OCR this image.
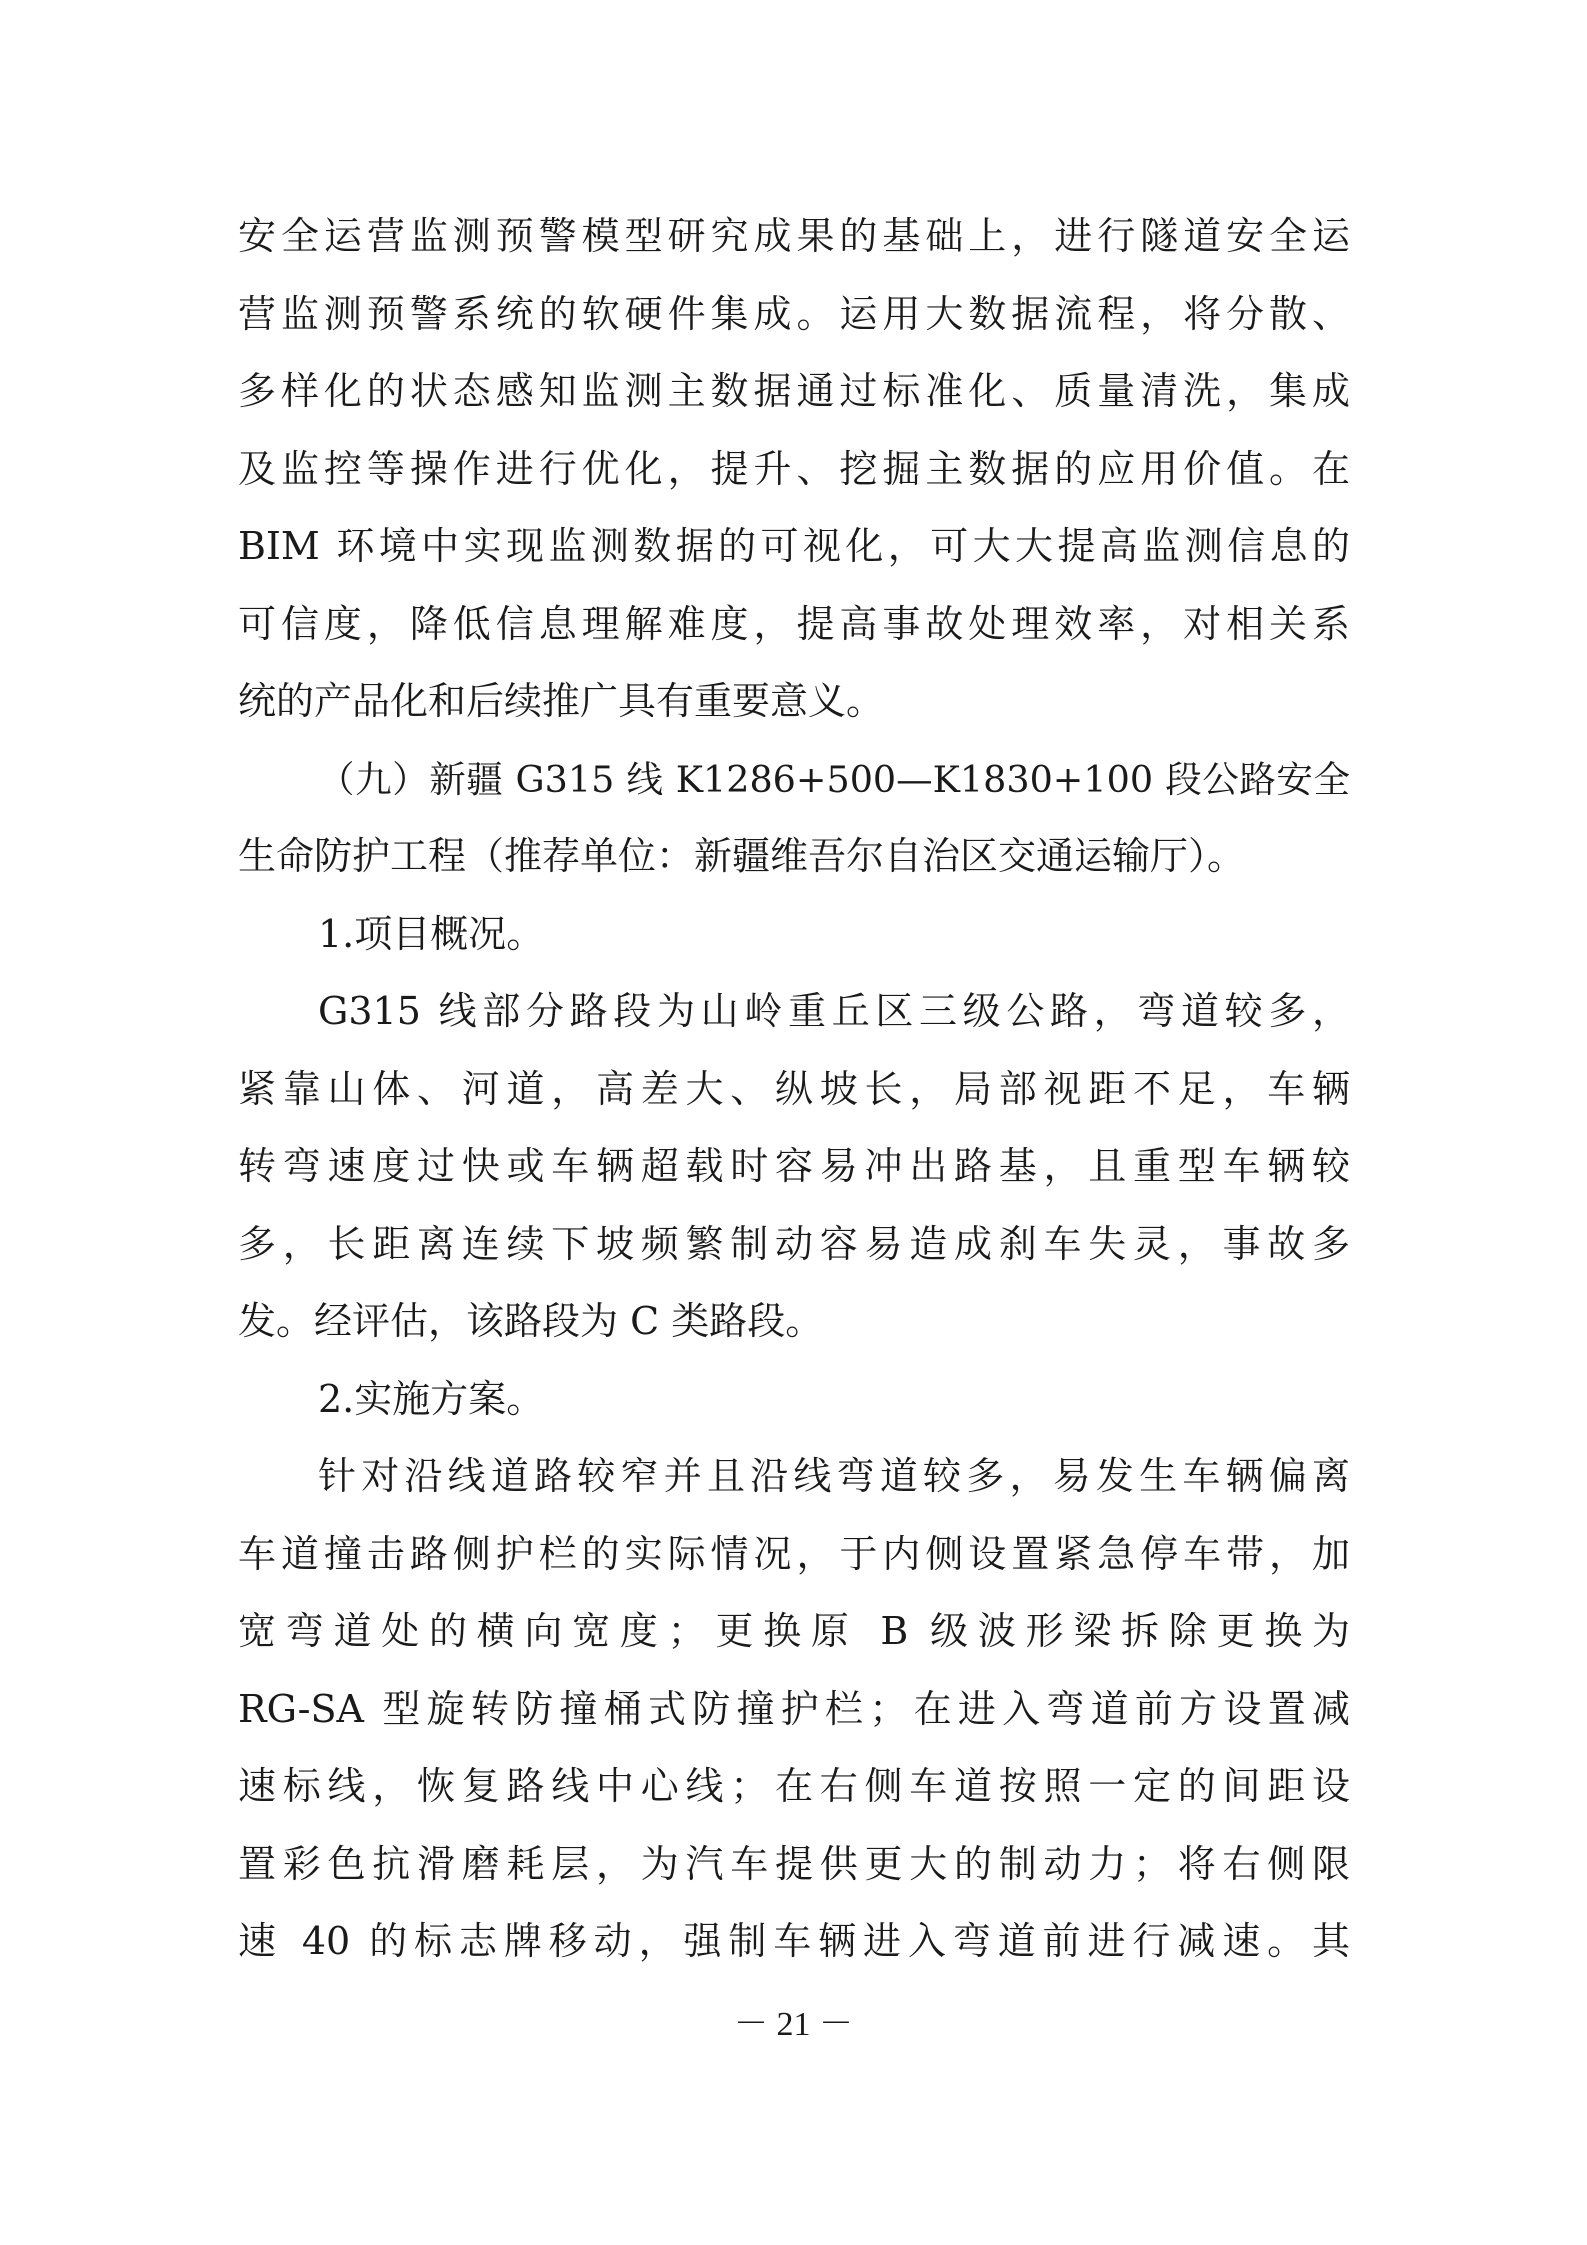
安全运营监测预警模型研究成果的基础上，进行隧道安全运
营监测预警系统的软硬件集成。运用大数据流程，将分散、
多样化的状态感知监测主数据通过标准化、质量清洗，集成
及监控等操作进行优化，提升、挖掘主数据的应用价值。在
BIM 环境中实现监测数据的可视化，可大大提高监测信息的
可信度，降低信息理解难度，提高事故处理效率，对相关系
统的产品化和后续推广具有重要意义。
（九）新疆 G315 线 K1286+500—K1830+100 段公路安全
生命防护工程（推荐单位：新疆维吾尔自治区交通运输厅）。
1.项目概况。
G315 线部分路段为山岭重丘区三级公路，弯道较多，
紧靠山体、河道，高差大、纵坡长，局部视距不足，车辆
转弯速度过快或车辆超载时容易冲出路基，且重型车辆较
多，长距离连续下坡频繁制动容易造成刹车失灵，事故多
发。经评估，该路段为 C 类路段。
2.实施方案。
针对沿线道路较窄并且沿线弯道较多，易发生车辆偏离
车道撞击路侧护栏的实际情况，于内侧设置紧急停车带，加
宽弯道处的横向宽度；更换原 B 级波形梁拆除更换为
RG-SA 型旋转防撞桶式防撞护栏；在进入弯道前方设置减
速标线，恢复路线中心线；在右侧车道按照一定的间距设
置彩色抗滑磨耗层，为汽车提供更大的制动力；将右侧限
速 40 的标志牌移动，强制车辆进入弯道前进行减速。其
－ 21 －
